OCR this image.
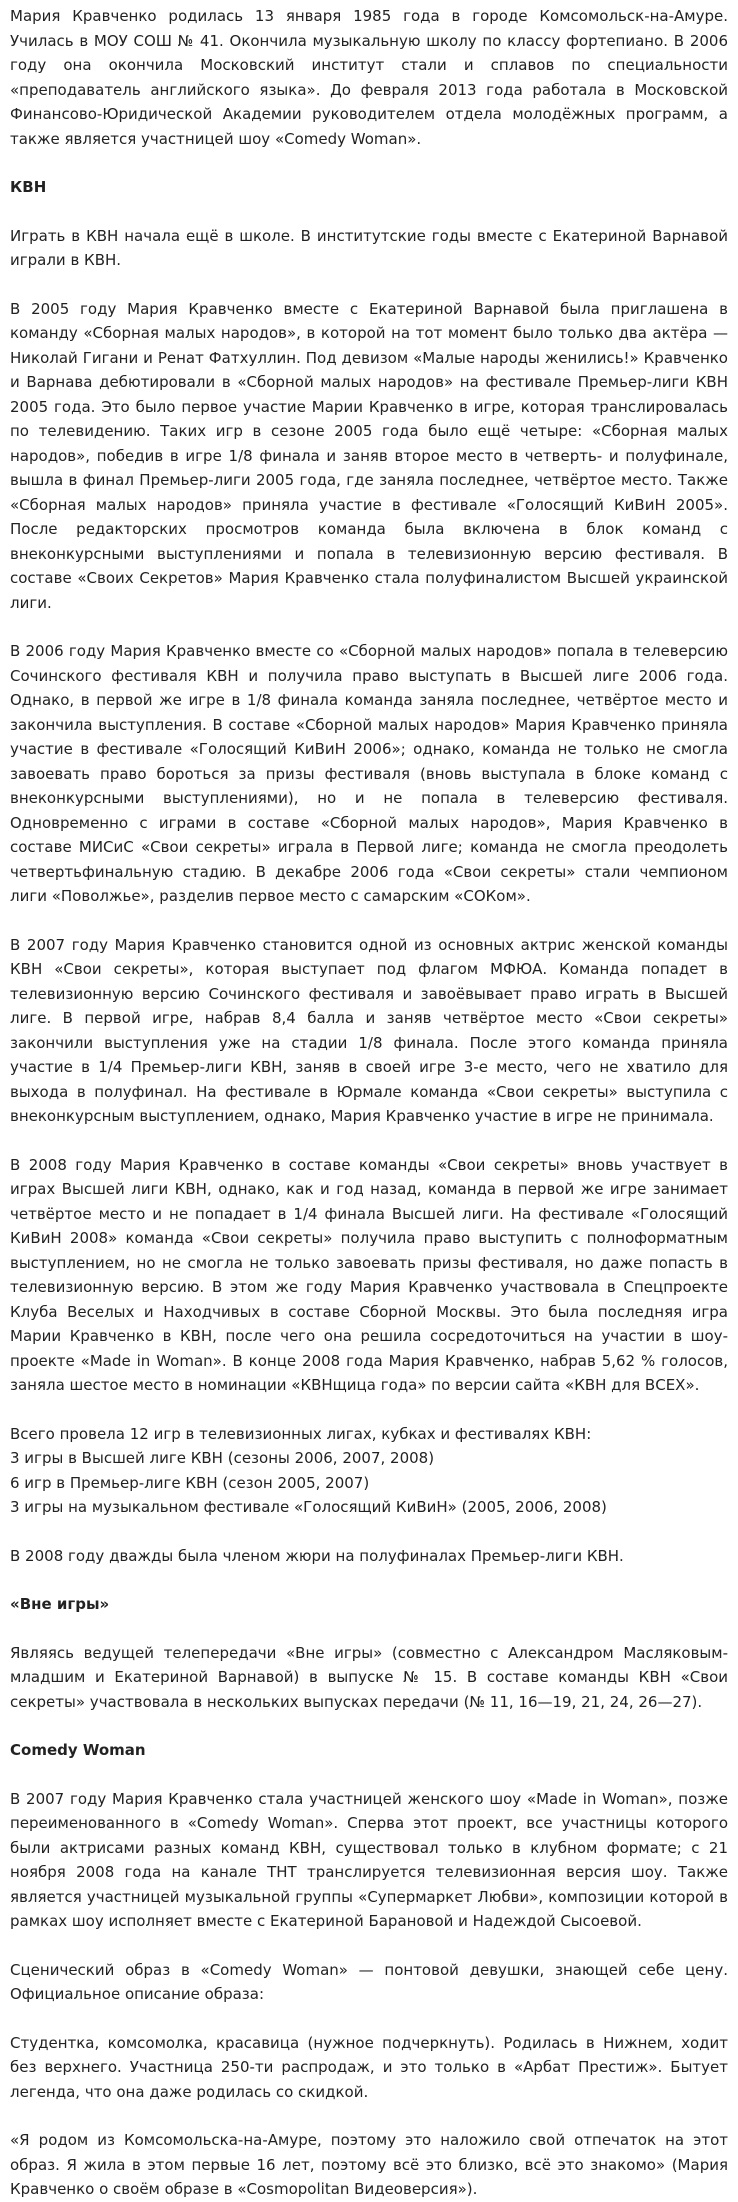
Мария Кравченко родилась 13 января 1985 года в городе Комсомольск-на-Амуре. Училась в МОУ СОШ № 41. Окончила музыкальную школу по классу фортепиано. В 2006 году она окончила Московский институт стали и сплавов по специальности «преподаватель английского языка». До февраля 2013 года работала в Московской Финансово-Юридической Академии руководителем отдела молодёжных программ, а также является участницей шоу «Comedy Woman».

КВН

Играть в КВН начала ещё в школе. В институтские годы вместе с Екатериной Варнавой играли в КВН.

В 2005 году Мария Кравченко вместе с Екатериной Варнавой была приглашена в команду «Сборная малых народов», в которой на тот момент было только два актёра — Николай Гигани и Ренат Фатхуллин. Под девизом «Малые народы женились!» Кравченко и Варнава дебютировали в «Сборной малых народов» на фестивале Премьер-лиги КВН 2005 года. Это было первое участие Марии Кравченко в игре, которая транслировалась по телевидению. Таких игр в сезоне 2005 года было ещё четыре: «Сборная малых народов», победив в игре 1/8 финала и заняв второе место в четверть- и полуфинале, вышла в финал Премьер-лиги 2005 года, где заняла последнее, четвёртое место. Также «Сборная малых народов» приняла участие в фестивале «Голосящий КиВиН 2005». После редакторских просмотров команда была включена в блок команд с внеконкурсными выступлениями и попала в телевизионную версию фестиваля. В составе «Своих Секретов» Мария Кравченко стала полуфиналистом Высшей украинской лиги.

В 2006 году Мария Кравченко вместе со «Сборной малых народов» попала в телеверсию Сочинского фестиваля КВН и получила право выступать в Высшей лиге 2006 года. Однако, в первой же игре в 1/8 финала команда заняла последнее, четвёртое место и закончила выступления. В составе «Сборной малых народов» Мария Кравченко приняла участие в фестивале «Голосящий КиВиН 2006»; однако, команда не только не смогла завоевать право бороться за призы фестиваля (вновь выступала в блоке команд с внеконкурсными выступлениями), но и не попала в телеверсию фестиваля. Одновременно с играми в составе «Сборной малых народов», Мария Кравченко в составе МИСиС «Свои секреты» играла в Первой лиге; команда не смогла преодолеть четвертьфинальную стадию. В декабре 2006 года «Свои секреты» стали чемпионом лиги «Поволжье», разделив первое место с самарским «СОКом».

В 2007 году Мария Кравченко становится одной из основных актрис женской команды КВН «Свои секреты», которая выступает под флагом МФЮА. Команда попадет в телевизионную версию Сочинского фестиваля и завоёвывает право играть в Высшей лиге. В первой игре, набрав 8,4 балла и заняв четвёртое место «Свои секреты» закончили выступления уже на стадии 1/8 финала. После этого команда приняла участие в 1/4 Премьер-лиги КВН, заняв в своей игре 3-е место, чего не хватило для выхода в полуфинал. На фестивале в Юрмале команда «Свои секреты» выступила с внеконкурсным выступлением, однако, Мария Кравченко участие в игре не принимала.

В 2008 году Мария Кравченко в составе команды «Свои секреты» вновь участвует в играх Высшей лиги КВН, однако, как и год назад, команда в первой же игре занимает четвёртое место и не попадает в 1/4 финала Высшей лиги. На фестивале «Голосящий КиВиН 2008» команда «Свои секреты» получила право выступить с полноформатным выступлением, но не смогла не только завоевать призы фестиваля, но даже попасть в телевизионную версию. В этом же году Мария Кравченко участвовала в Спецпроекте Клуба Веселых и Находчивых в составе Сборной Москвы. Это была последняя игра Марии Кравченко в КВН, после чего она решила сосредоточиться на участии в шоу-проекте «Made in Woman». В конце 2008 года Мария Кравченко, набрав 5,62 % голосов, заняла шестое место в номинации «КВНщица года» по версии сайта «КВН для ВСЕХ».

Всего провела 12 игр в телевизионных лигах, кубках и фестивалях КВН:
3 игры в Высшей лиге КВН (сезоны 2006, 2007, 2008)
6 игр в Премьер-лиге КВН (сезон 2005, 2007)
3 игры на музыкальном фестивале «Голосящий КиВиН» (2005, 2006, 2008)

В 2008 году дважды была членом жюри на полуфиналах Премьер-лиги КВН.

«Вне игры»

Являясь ведущей телепередачи «Вне игры» (совместно с Александром Масляковым-младшим и Екатериной Варнавой) в выпуске № 15. В составе команды КВН «Свои секреты» участвовала в нескольких выпусках передачи (№ 11, 16—19, 21, 24, 26—27).

Comedy Woman

В 2007 году Мария Кравченко стала участницей женского шоу «Made in Woman», позже переименованного в «Comedy Woman». Сперва этот проект, все участницы которого были актрисами разных команд КВН, существовал только в клубном формате; с 21 ноября 2008 года на канале ТНТ транслируется телевизионная версия шоу. Также является участницей музыкальной группы «Супермаркет Любви», композиции которой в рамках шоу исполняет вместе с Екатериной Барановой и Надеждой Сысоевой.

Сценический образ в «Comedy Woman» — понтовой девушки, знающей себе цену. Официальное описание образа:

Студентка, комсомолка, красавица (нужное подчеркнуть). Родилась в Нижнем, ходит без верхнего. Участница 250-ти распродаж, и это только в «Арбат Престиж». Бытует легенда, что она даже родилась со скидкой.

«Я родом из Комсомольска-на-Амуре, поэтому это наложило свой отпечаток на этот образ. Я жила в этом первые 16 лет, поэтому всё это близко, всё это знакомо» (Мария Кравченко о своём образе в «Cosmopolitan Видеоверсия»).
